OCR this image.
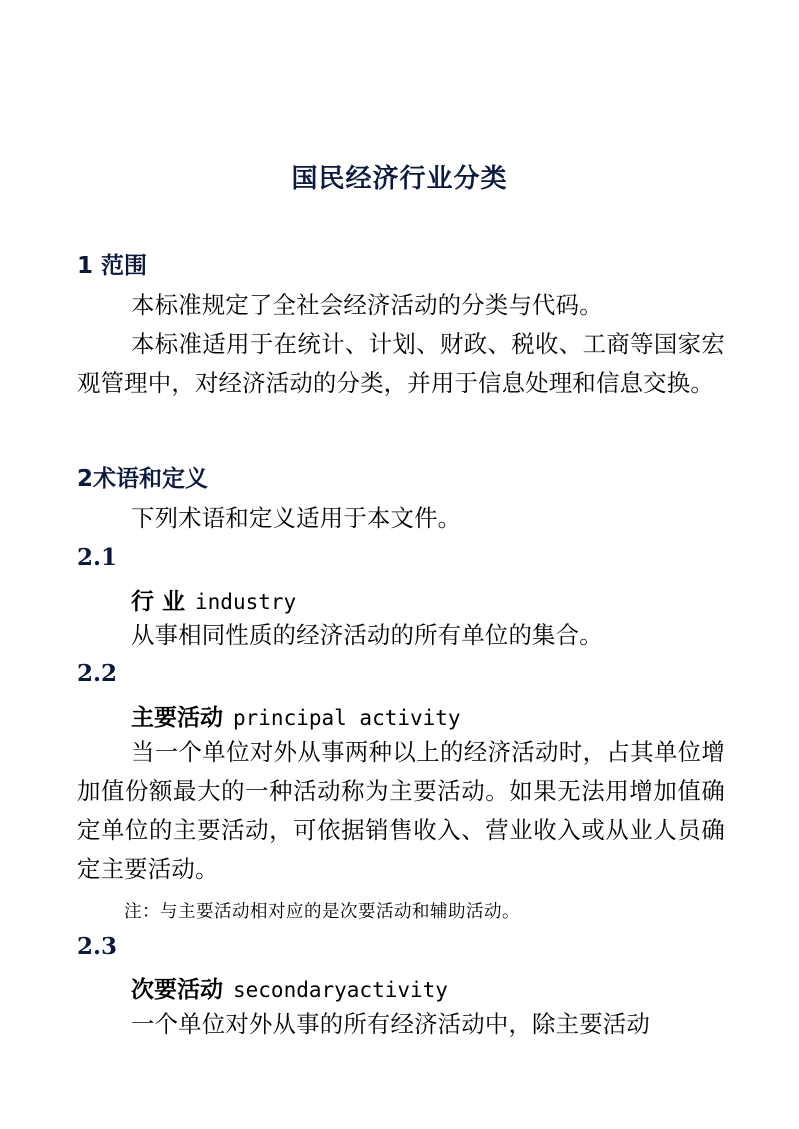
国民经济行业分类
1 范围
本标准规定了全社会经济活动的分类与代码。
本标准适用于在统计、计划、财政、税收、工商等国家宏观管理中，对经济活动的分类，并用于信息处理和信息交换。
2术语和定义
下列术语和定义适用于本文件。
2.1
行 业 industry
从事相同性质的经济活动的所有单位的集合。
2.2
主要活动 principal activity
当一个单位对外从事两种以上的经济活动时，占其单位增加值份额最大的一种活动称为主要活动。如果无法用增加值确定单位的主要活动，可依据销售收入、营业收入或从业人员确定主要活动。
注：与主要活动相对应的是次要活动和辅助活动。
2.3
次要活动 secondaryactivity
一个单位对外从事的所有经济活动中，除主要活动
